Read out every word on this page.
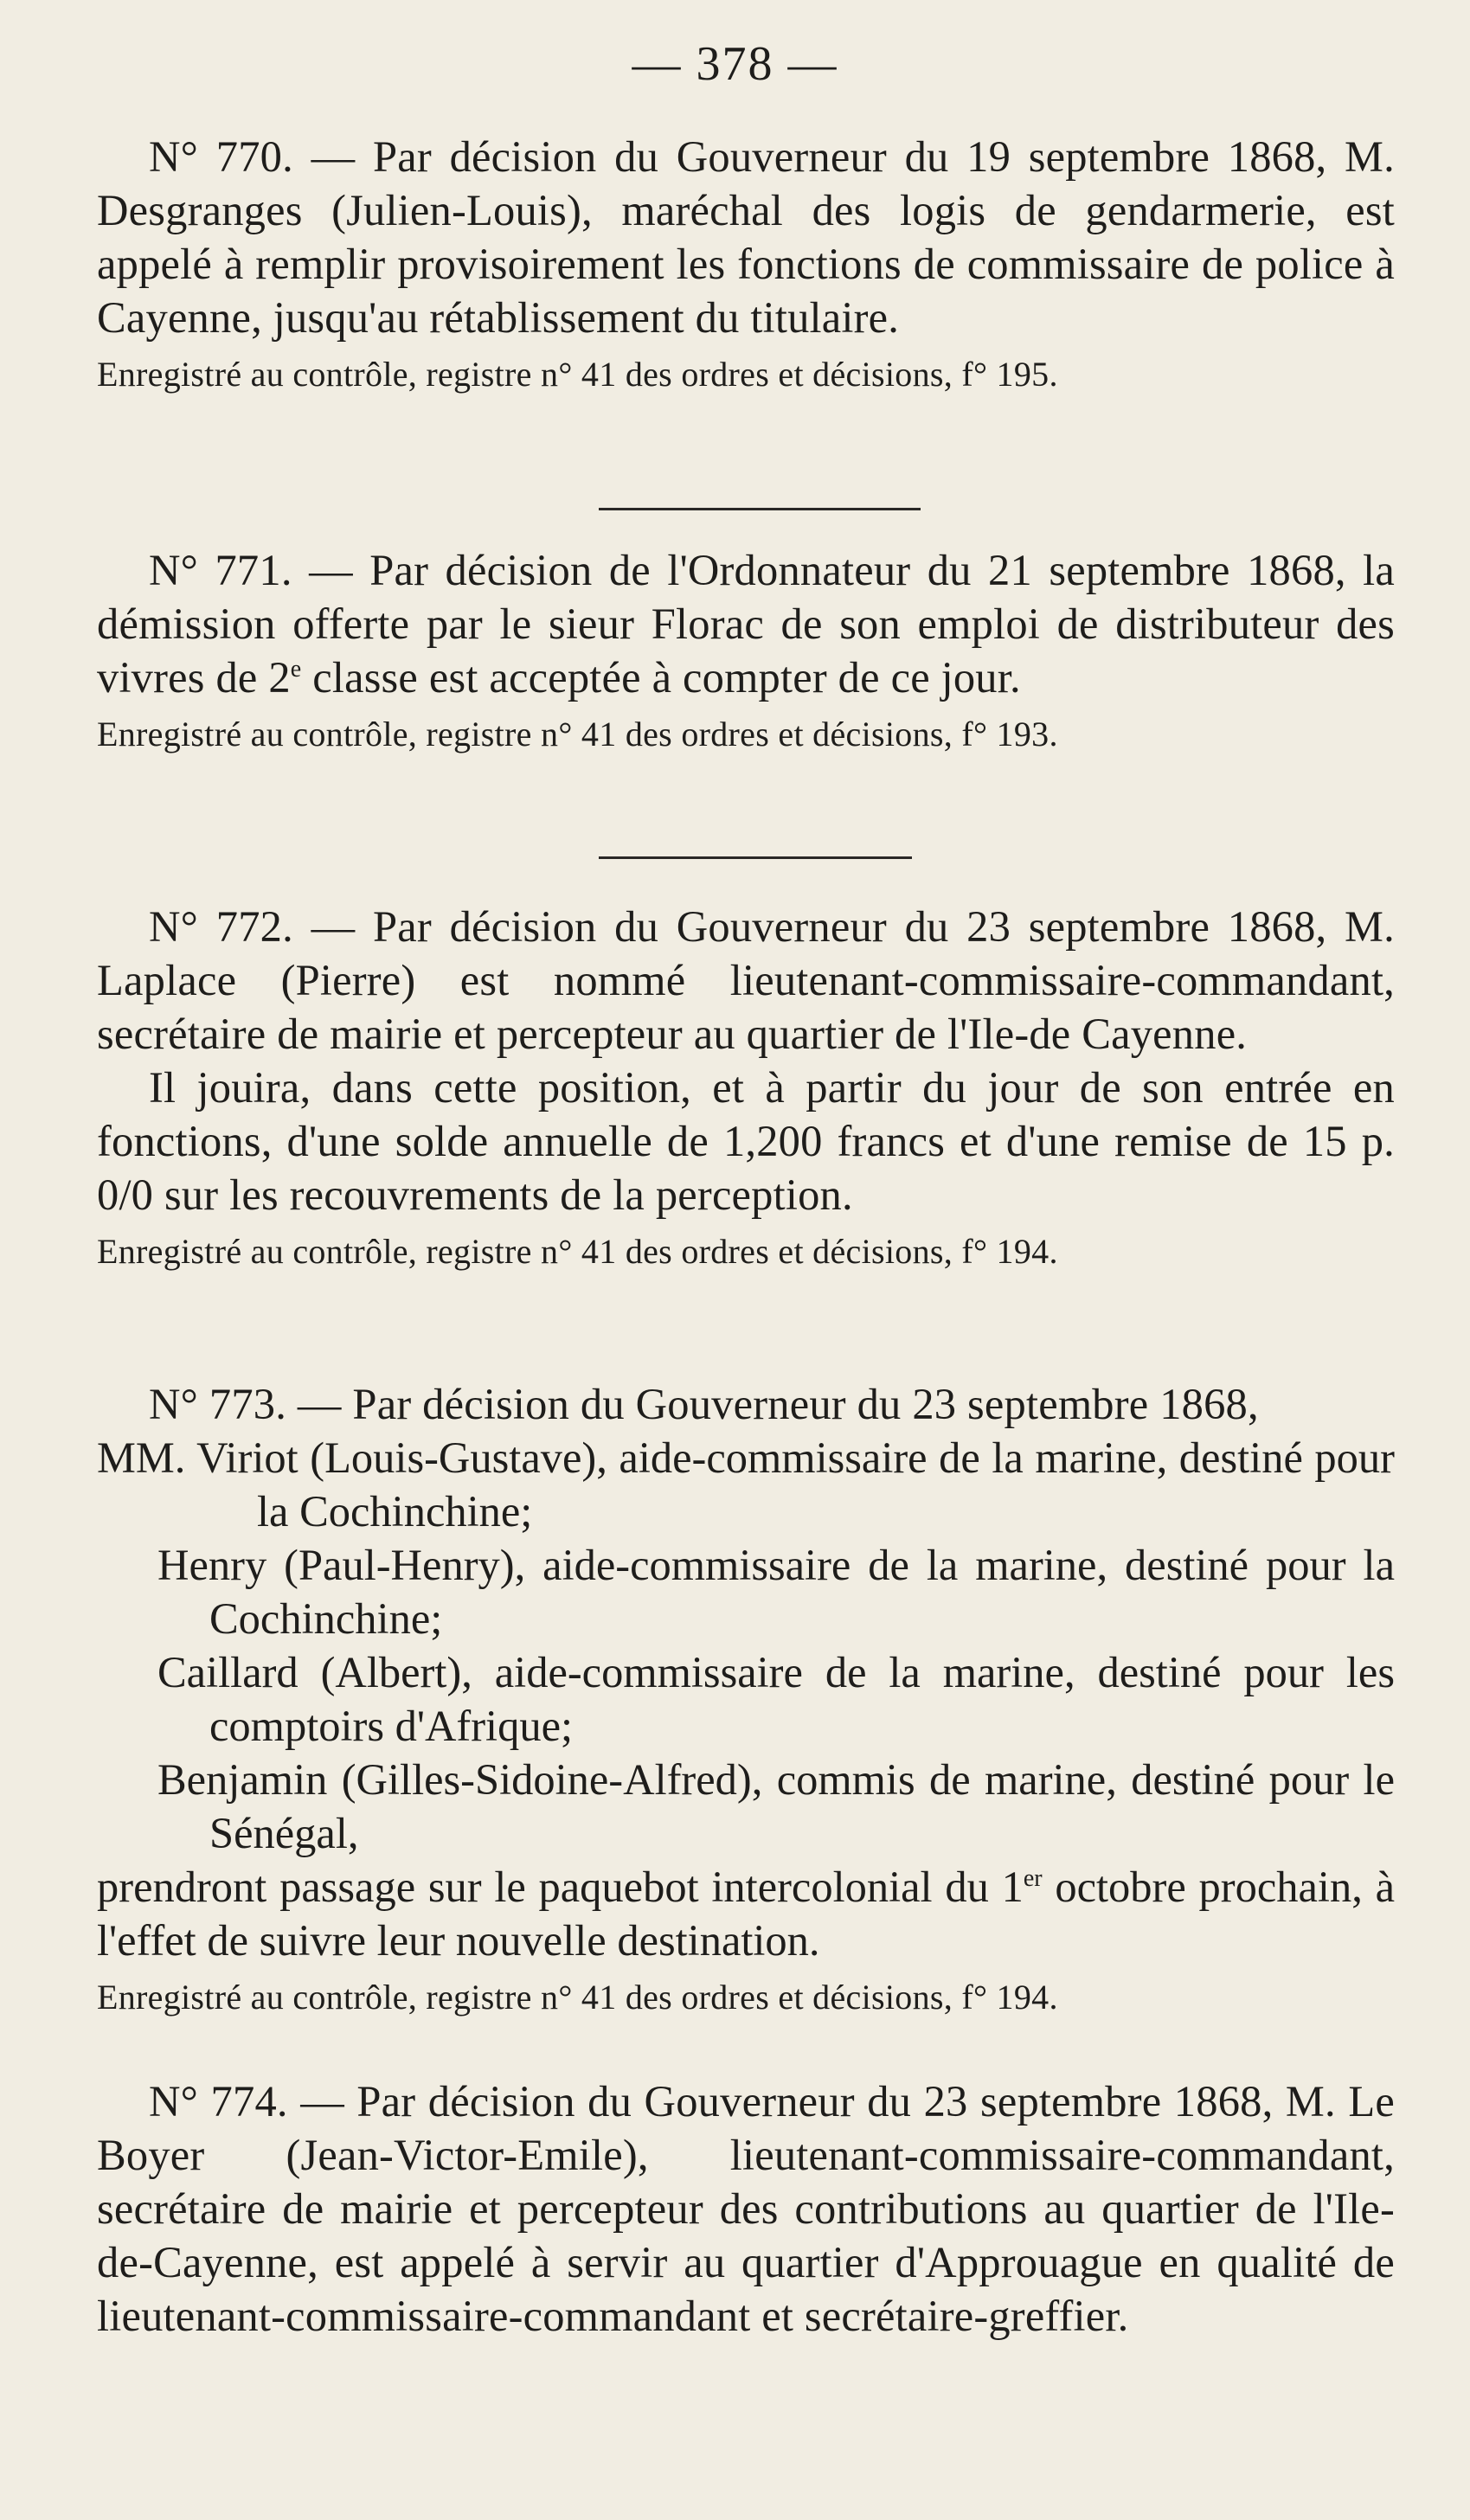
— 378 —

N° 770. — Par décision du Gouverneur du 19 septembre 1868, M. Desgranges (Julien-Louis), maréchal des logis de gendarmerie, est appelé à remplir provisoirement les fonctions de commissaire de police à Cayenne, jusqu'au rétablissement du titulaire.

Enregistré au contrôle, registre n° 41 des ordres et décisions, f° 195.

N° 771. — Par décision de l'Ordonnateur du 21 septembre 1868, la démission offerte par le sieur Florac de son emploi de distributeur des vivres de 2e classe est acceptée à compter de ce jour.

Enregistré au contrôle, registre n° 41 des ordres et décisions, f° 193.

N° 772. — Par décision du Gouverneur du 23 septembre 1868, M. Laplace (Pierre) est nommé lieutenant-commissaire-commandant, secrétaire de mairie et percepteur au quartier de l'Ile-de Cayenne.

Il jouira, dans cette position, et à partir du jour de son entrée en fonctions, d'une solde annuelle de 1,200 francs et d'une remise de 15 p. 0/0 sur les recouvrements de la perception.

Enregistré au contrôle, registre n° 41 des ordres et décisions, f° 194.

N° 773. — Par décision du Gouverneur du 23 septembre 1868,

MM. Viriot (Louis-Gustave), aide-commissaire de la marine, destiné pour la Cochinchine;

Henry (Paul-Henry), aide-commissaire de la marine, destiné pour la Cochinchine;

Caillard (Albert), aide-commissaire de la marine, destiné pour les comptoirs d'Afrique;

Benjamin (Gilles-Sidoine-Alfred), commis de marine, destiné pour le Sénégal,

prendront passage sur le paquebot intercolonial du 1er octobre prochain, à l'effet de suivre leur nouvelle destination.

Enregistré au contrôle, registre n° 41 des ordres et décisions, f° 194.

N° 774. — Par décision du Gouverneur du 23 septembre 1868, M. Le Boyer (Jean-Victor-Emile), lieutenant-commissaire-commandant, secrétaire de mairie et percepteur des contributions au quartier de l'Ile-de-Cayenne, est appelé à servir au quartier d'Approuague en qualité de lieutenant-commissaire-commandant et secrétaire-greffier.
